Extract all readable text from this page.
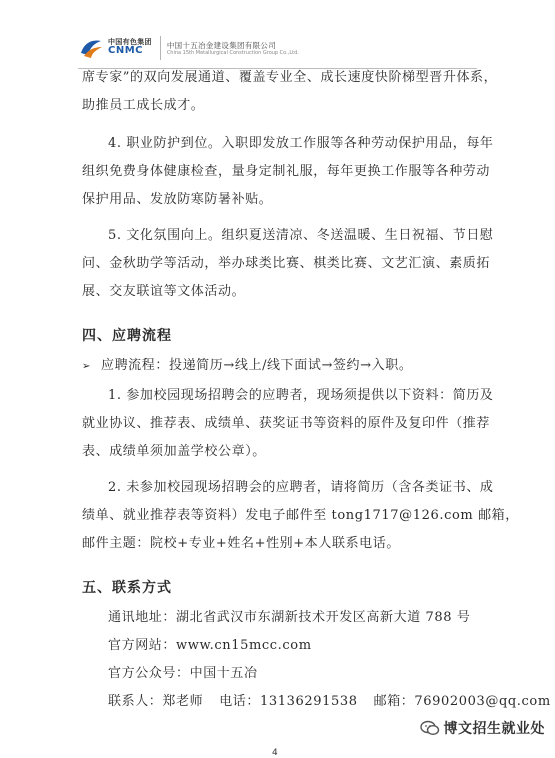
中国有色集团
CNMC
中国十五冶金建设集团有限公司
China 15th Metallurgical Construction Group Co.,Ltd.
席专家”的双向发展通道、覆盖专业全、成长速度快阶梯型晋升体系，
助推员工成长成才。
4. 职业防护到位。入职即发放工作服等各种劳动保护用品，每年
组织免费身体健康检查，量身定制礼服，每年更换工作服等各种劳动
保护用品、发放防寒防暑补贴。
5. 文化氛围向上。组织夏送清凉、冬送温暖、生日祝福、节日慰
问、金秋助学等活动，举办球类比赛、棋类比赛、文艺汇演、素质拓
展、交友联谊等文体活动。
四、应聘流程
➢ 应聘流程：投递简历→线上/线下面试→签约→入职。
1. 参加校园现场招聘会的应聘者，现场须提供以下资料：简历及
就业协议、推荐表、成绩单、获奖证书等资料的原件及复印件（推荐
表、成绩单须加盖学校公章）。
2. 未参加校园现场招聘会的应聘者，请将简历（含各类证书、成
绩单、就业推荐表等资料）发电子邮件至 tong1717@126.com 邮箱，
邮件主题：院校+专业+姓名+性别+本人联系电话。
五、联系方式
通讯地址：湖北省武汉市东湖新技术开发区高新大道 788 号
官方网站：www.cn15mcc.com
官方公众号：中国十五冶
联系人：郑老师 电话：13136291538 邮箱：76902003@qq.com
博文招生就业处
4
